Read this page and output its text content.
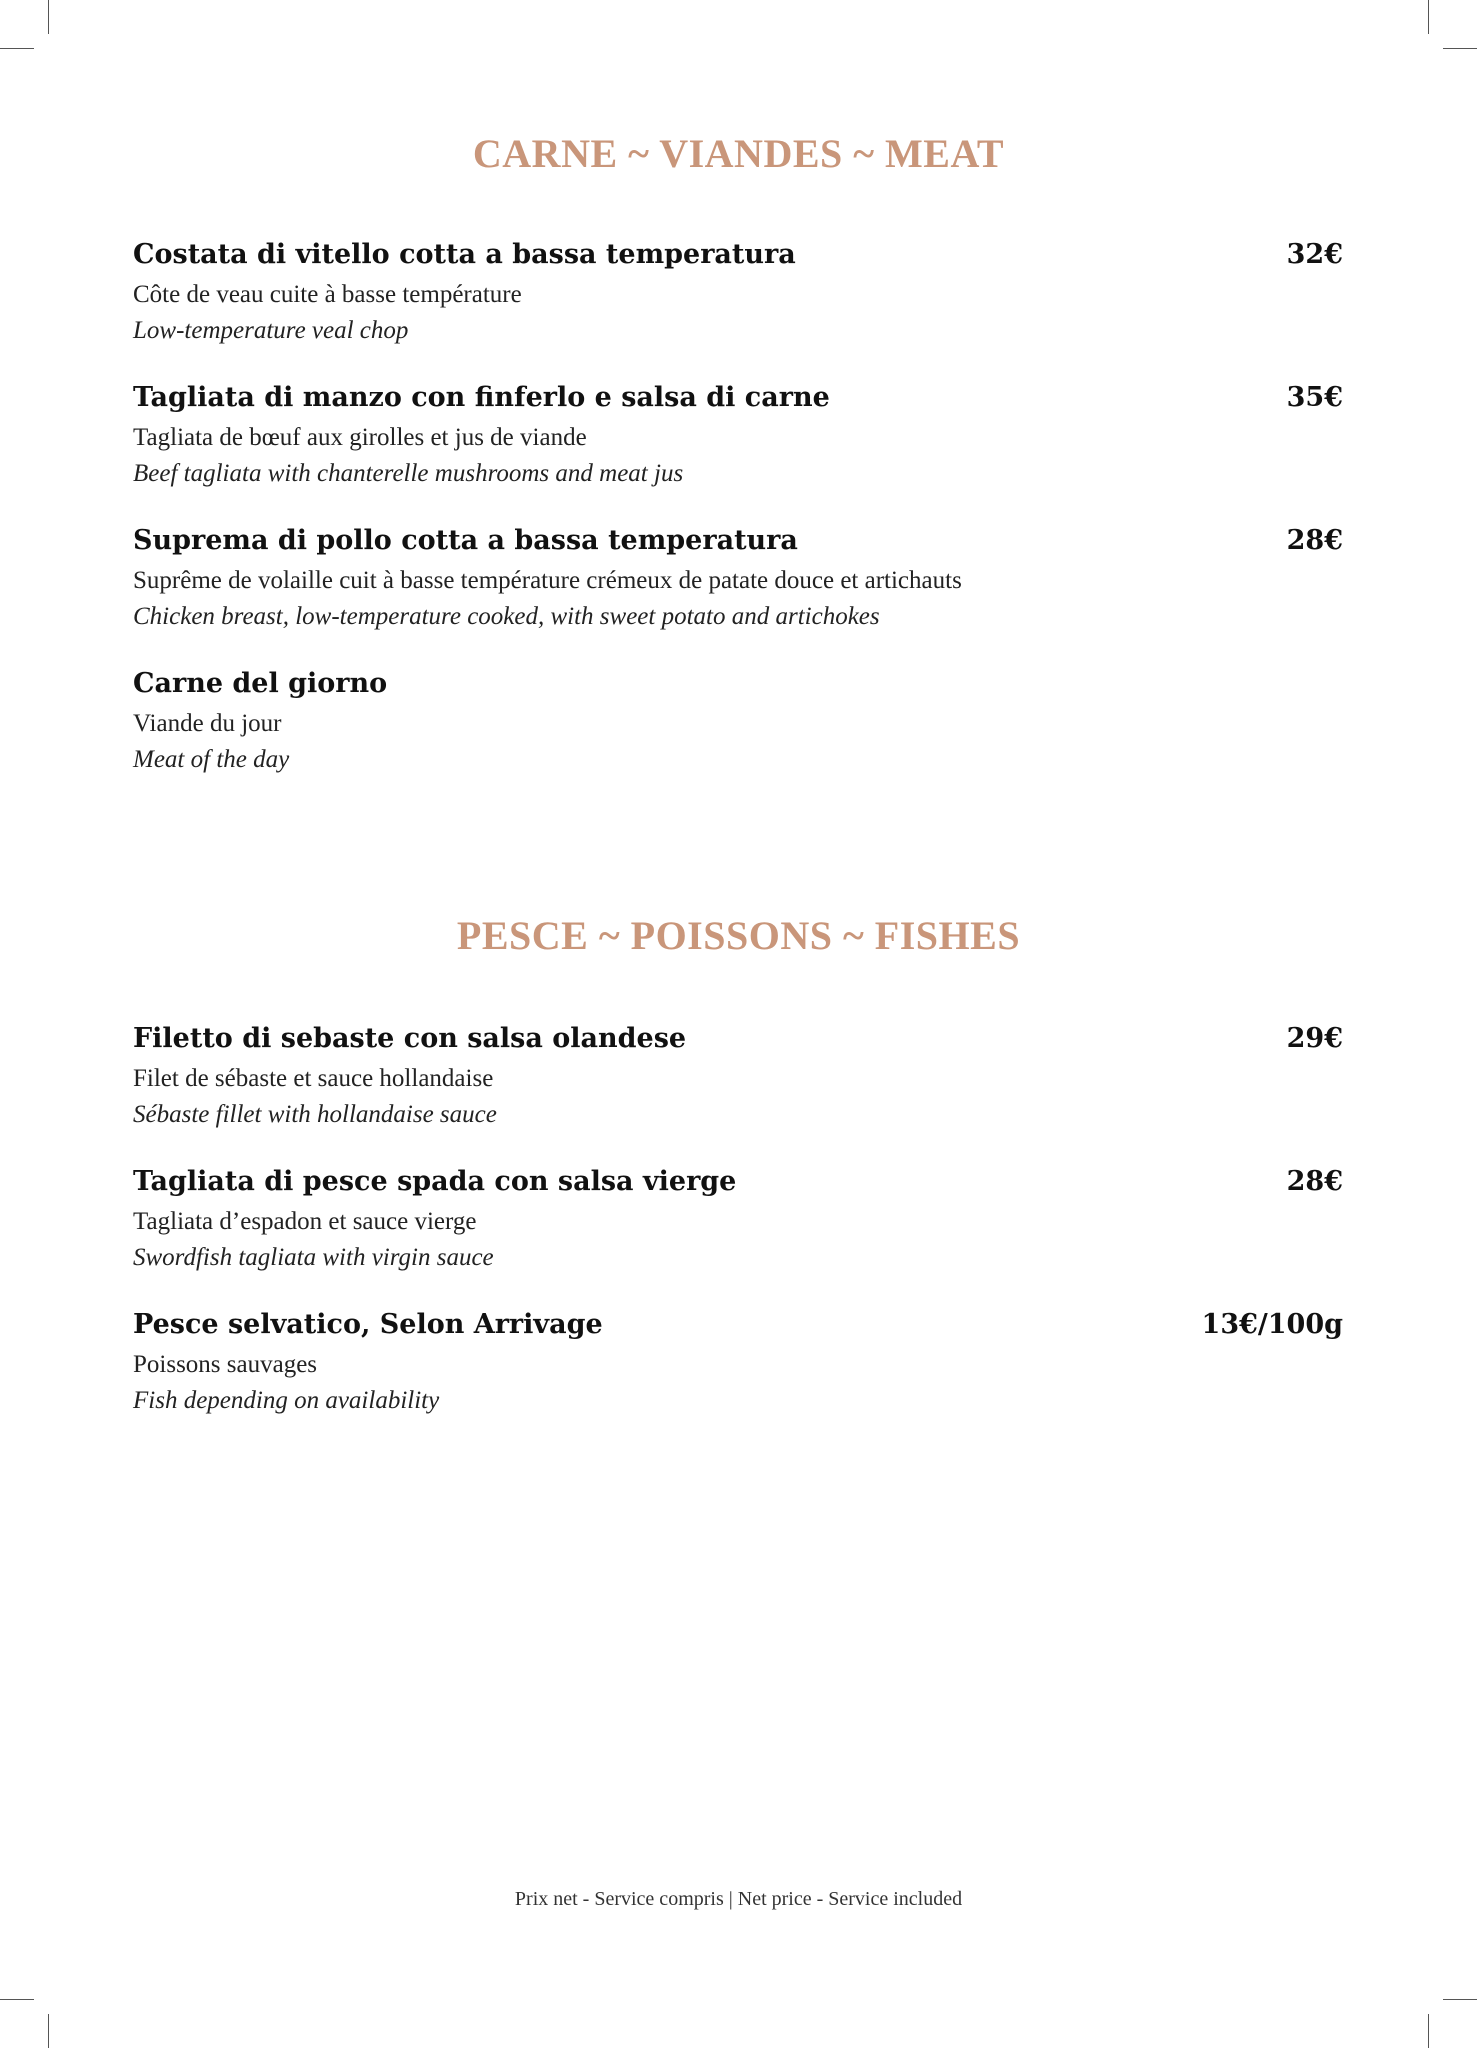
CARNE ~ VIANDES ~ MEAT
Costata di vitello cotta a bassa temperatura	32€
Côte de veau cuite à basse température
Low-temperature veal chop
Tagliata di manzo con finferlo e salsa di carne	35€
Tagliata de bœuf aux girolles et jus de viande
Beef tagliata with chanterelle mushrooms and meat jus
Suprema di pollo cotta a bassa temperatura	28€
Suprême de volaille cuit à basse température crémeux de patate douce et artichauts
Chicken breast, low-temperature cooked, with sweet potato and artichokes
Carne del giorno
Viande du jour
Meat of the day
PESCE ~ POISSONS ~ FISHES
Filetto di sebaste con salsa olandese	29€
Filet de sébaste et sauce hollandaise
Sébaste fillet with hollandaise sauce
Tagliata di pesce spada con salsa vierge	28€
Tagliata d’espadon et sauce vierge
Swordfish tagliata with virgin sauce
Pesce selvatico, Selon Arrivage	13€/100g
Poissons sauvages
Fish depending on availability

Prix net - Service compris | Net price - Service included
